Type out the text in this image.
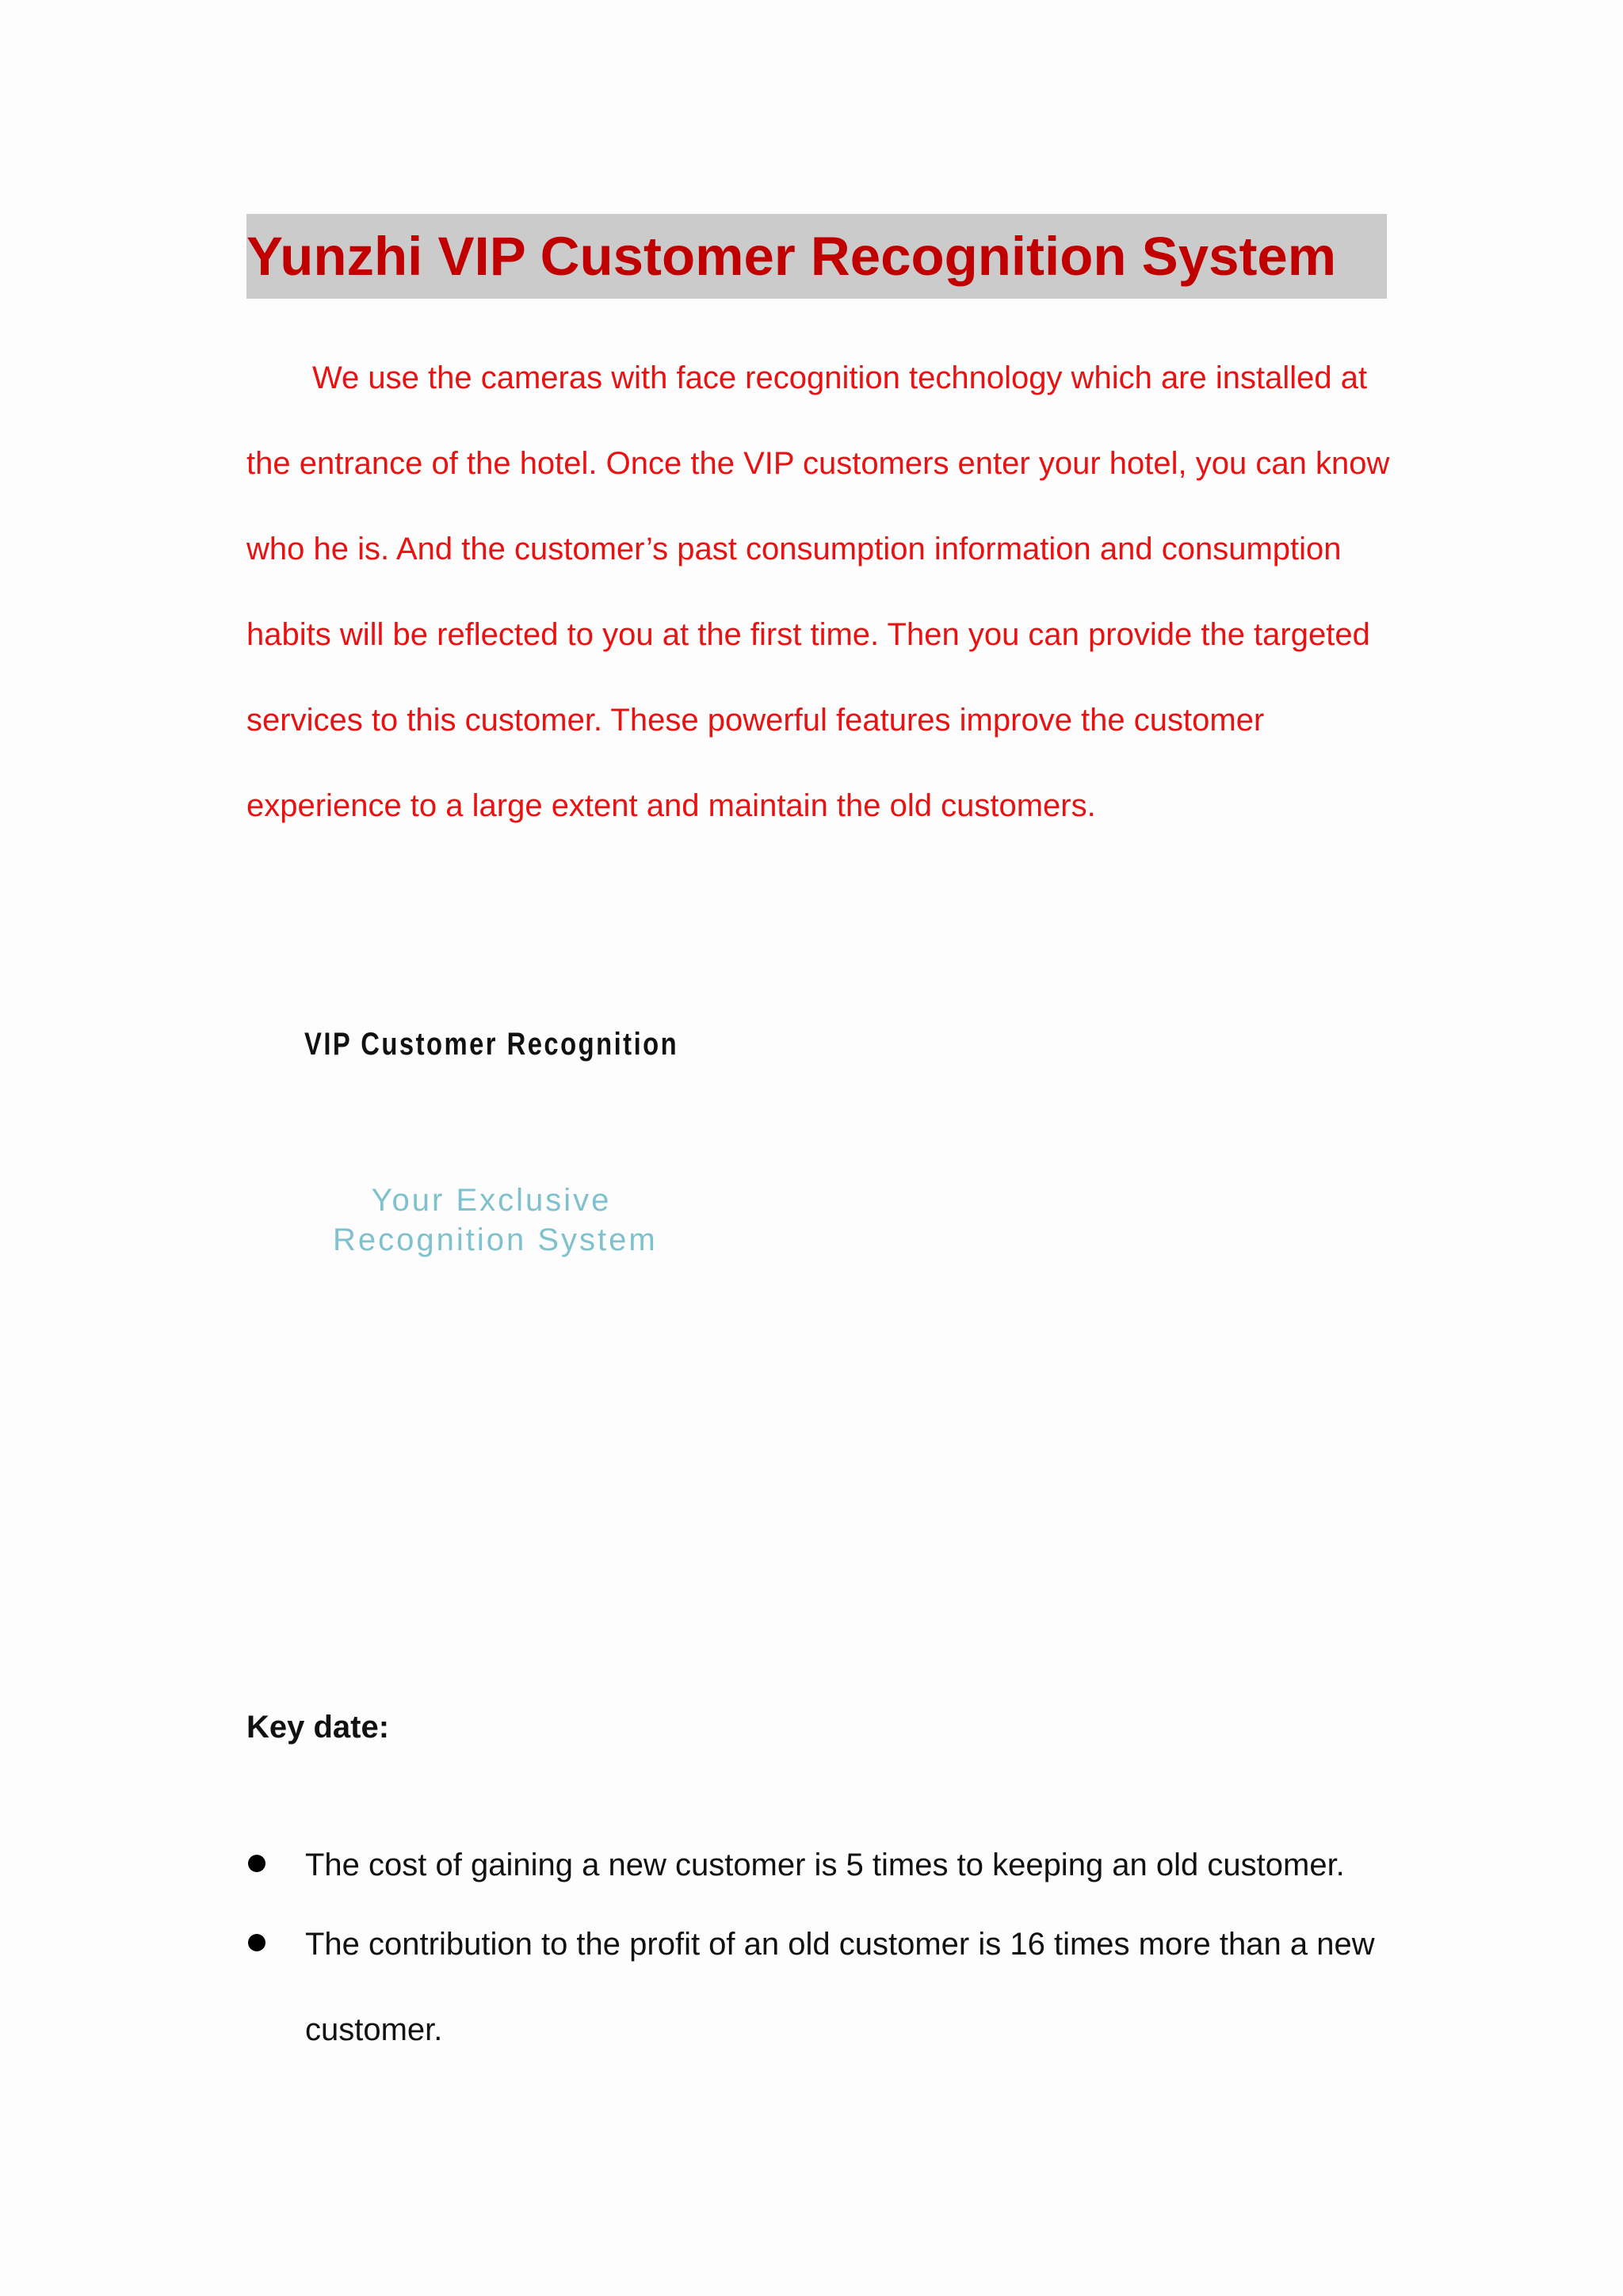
Yunzhi VIP Customer Recognition System

We use the cameras with face recognition technology which are installed at the entrance of the hotel. Once the VIP customers enter your hotel, you can know who he is. And the customer’s past consumption information and consumption habits will be reflected to you at the first time. Then you can provide the targeted services to this customer. These powerful features improve the customer experience to a large extent and maintain the old customers.

VIP Customer Recognition
Your Exclusive
Recognition System
Key date:
The cost of gaining a new customer is 5 times to keeping an old customer.
The contribution to the profit of an old customer is 16 times more than a new customer.
